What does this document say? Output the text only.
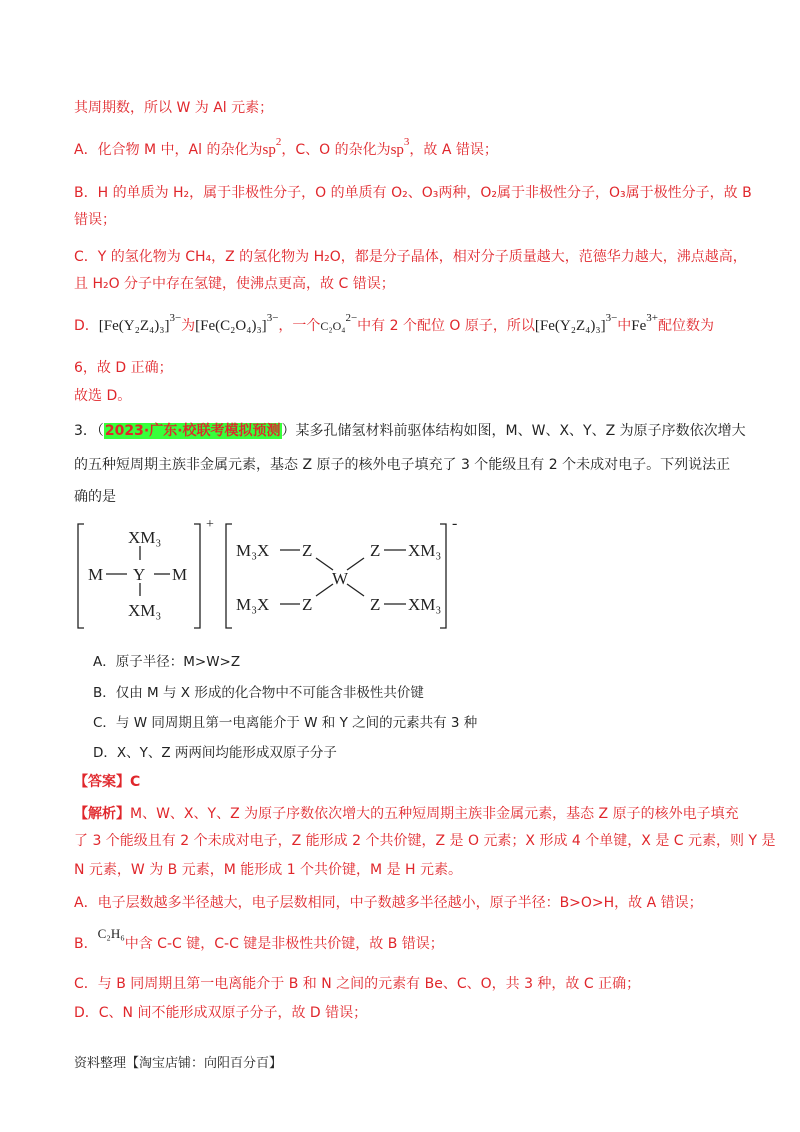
其周期数，所以 W 为 Al 元素；
A．化合物 M 中，Al 的杂化为$sp^2$，C、O 的杂化为$sp^3$，故 A 错误；
B．H 的单质为 H₂，属于非极性分子，O 的单质有 O₂、O₃两种，O₂属于非极性分子，O₃属于极性分子，故 B
错误；
C．Y 的氢化物为 CH₄，Z 的氢化物为 H₂O，都是分子晶体，相对分子质量越大，范德华力越大，沸点越高，
且 H₂O 分子中存在氢键，使沸点更高，故 C 错误；
D．$[Fe(Y_2Z_4)_3]^{3-}$为$[Fe(C_2O_4)_3]^{3-}$，一个C₂O₄2−中有 2 个配位 O 原子，所以$[Fe(Y_2Z_4)_3]^{3-}$中$Fe^{3+}$配位数为
6，故 D 正确；
故选 D。
3．（2023·广东·校联考模拟预测）某多孔储氢材料前驱体结构如图，M、W、X、Y、Z 为原子序数依次增大
的五种短周期主族非金属元素，基态 Z 原子的核外电子填充了 3 个能级且有 2 个未成对电子。下列说法正
确的是
XM₃
M Y M
XM₃
+
M₃X Z	Z XM₃
W
M₃X Z	Z XM₃
-
A．原子半径：M>W>Z
B．仅由 M 与 X 形成的化合物中不可能含非极性共价键
C．与 W 同周期且第一电离能介于 W 和 Y 之间的元素共有 3 种
D．X、Y、Z 两两间均能形成双原子分子
【答案】C
【解析】M、W、X、Y、Z 为原子序数依次增大的五种短周期主族非金属元素，基态 Z 原子的核外电子填充
了 3 个能级且有 2 个未成对电子，Z 能形成 2 个共价键，Z 是 O 元素；X 形成 4 个单键，X 是 C 元素，则 Y 是
N 元素，W 为 B 元素，M 能形成 1 个共价键，M 是 H 元素。
A．电子层数越多半径越大，电子层数相同，中子数越多半径越小，原子半径：B>O>H，故 A 错误；
B．C₂H₆中含 C-C 键，C-C 键是非极性共价键，故 B 错误；
C．与 B 同周期且第一电离能介于 B 和 N 之间的元素有 Be、C、O，共 3 种，故 C 正确；
D．C、N 间不能形成双原子分子，故 D 错误；
资料整理【淘宝店铺：向阳百分百】
